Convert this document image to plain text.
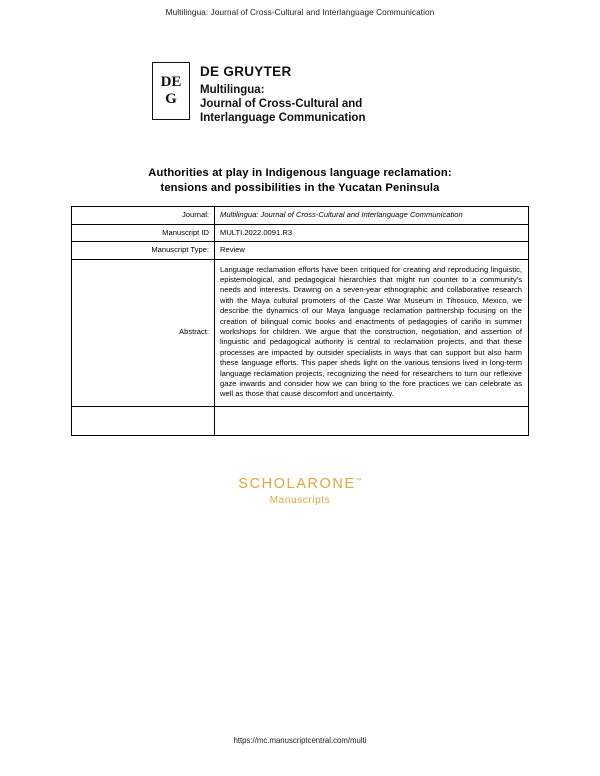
Multilingua: Journal of Cross-Cultural and Interlanguage Communication
DE
G
DE GRUYTER
Multilingua:
Journal of Cross-Cultural and
Interlanguage Communication
Authorities at play in Indigenous language reclamation:
tensions and possibilities in the Yucatan Peninsula
Journal:	Multilingua: Journal of Cross-Cultural and Interlanguage Communication
Manuscript ID	MULTI.2022.0091.R3
Manuscript Type:	Review
Abstract:	Language reclamation efforts have been critiqued for creating and reproducing linguistic, epistemological, and pedagogical hierarchies that might run counter to a community's needs and interests. Drawing on a seven-year ethnographic and collaborative research with the Maya cultural promoters of the Caste War Museum in Tihosuco, Mexico, we describe the dynamics of our Maya language reclamation partnership focusing on the creation of bilingual comic books and enactments of pedagogies of cariño in summer workshops for children. We argue that the construction, negotiation, and assertion of linguistic and pedagogical authority is central to reclamation projects, and that these processes are impacted by outsider specialists in ways that can support but also harm these language efforts. This paper sheds light on the various tensions lived in long-term language reclamation projects, recognizing the need for researchers to turn our reflexive gaze inwards and consider how we can bring to the fore practices we can celebrate as well as those that cause discomfort and uncertainty.

SCHOLARONE™
Manuscripts
https://mc.manuscriptcentral.com/multi
